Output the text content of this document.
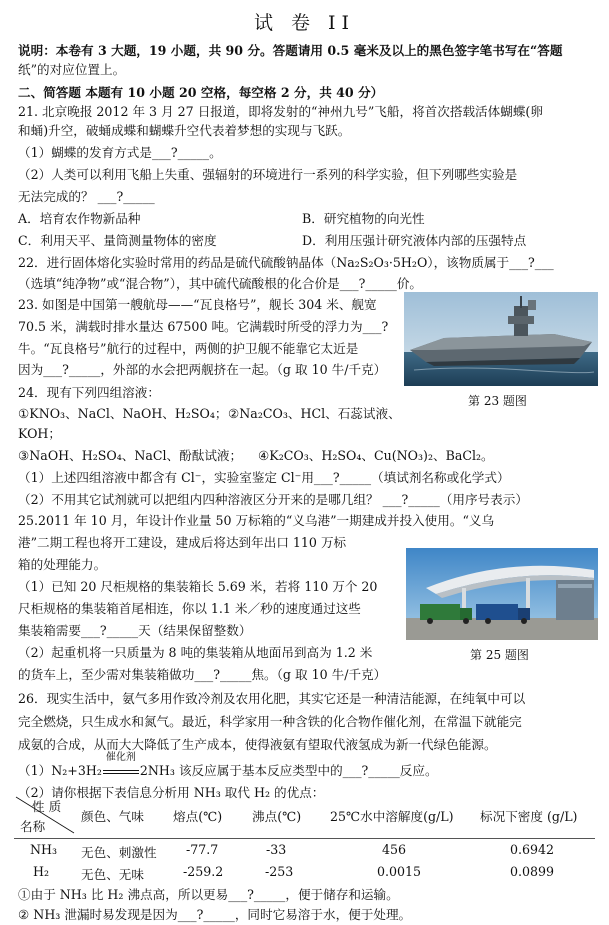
试 卷 II
说明：本卷有 3 大题，19 小题，共 90 分。答题请用 0.5 毫米及以上的黑色签字笔书写在“答题
纸”的对应位置上。
二、简答题 本题有 10 小题 20 空格，每空格 2 分，共 40 分）
21. 北京晚报 2012 年 3 月 27 日报道，即将发射的“神州九号”飞船，将首次搭载活体蝴蝶(卵
和蛹)升空，破蛹成蝶和蝴蝶升空代表着梦想的实现与飞跃。
（1）蝴蝶的发育方式是___?_____。
（2）人类可以利用飞船上失重、强辐射的环境进行一系列的科学实验，但下列哪些实验是
无法完成的？ ___?_____
A．培育农作物新品种	B．研究植物的向光性
C．利用天平、量筒测量物体的密度	D．利用压强计研究液体内部的压强特点
22．进行固体熔化实验时常用的药品是硫代硫酸钠晶体（Na₂S₂O₃·5H₂O），该物质属于___?___
（选填“纯净物”或“混合物”），其中硫代硫酸根的化合价是___?_____价。
23. 如图是中国第一艘航母——“瓦良格号”，舰长 304 米、舰宽
70.5 米，满载时排水量达 67500 吨。它满载时所受的浮力为___?
牛。“瓦良格号”航行的过程中，两侧的护卫舰不能靠它太近是
因为___?_____，外部的水会把两舰挤在一起。（g 取 10 牛/千克）
第 23 题图
24．现有下列四组溶液：
①KNO₃、NaCl、NaOH、H₂SO₄； ②Na₂CO₃、HCl、石蕊试液、
KOH；
③NaOH、H₂SO₄、NaCl、酚酞试液；	④K₂CO₃、H₂SO₄、Cu(NO₃)₂、BaCl₂。
（1）上述四组溶液中都含有 Cl⁻，实验室鉴定 Cl⁻用___?_____（填试剂名称或化学式）
（2）不用其它试剂就可以把组内四种溶液区分开来的是哪几组？ ___?_____（用序号表示）
25.2011 年 10 月，年设计作业量 50 万标箱的“义乌港”一期建成并投入使用。“义乌
港”二期工程也将开工建设，建成后将达到年出口 110 万标
箱的处理能力。
（1）已知 20 尺柜规格的集装箱长 5.69 米，若将 110 万个 20
尺柜规格的集装箱首尾相连，你以 1.1 米／秒的速度通过这些
集装箱需要___?_____天（结果保留整数）
（2）起重机将一只质量为 8 吨的集装箱从地面吊到高为 1.2 米
的货车上，至少需对集装箱做功___?_____焦。（g 取 10 牛/千克）
第 25 题图
26．现实生活中，氨气多用作致冷剂及农用化肥，其实它还是一种清洁能源，在纯氧中可以
完全燃烧，只生成水和氮气。最近，科学家用一种含铁的化合物作催化剂，在常温下就能完
成氨的合成，从而大大降低了生产成本，使得液氨有望取代液氢成为新一代绿色能源。
（1）N₂+3H₂
催化剂
2NH₃ 该反应属于基本反应类型中的___?_____反应。
（2）请你根据下表信息分析用 NH₃ 取代 H₂ 的优点：
性 质
名称
颜色、气味 熔点(℃) 沸点(℃) 25℃水中溶解度(g/L) 标况下密度 (g/L)
NH₃ 无色、刺激性 -77.7	-33	456	0.6942
H₂	无色、无味	-259.2	-253	0.0015	0.0899
①由于 NH₃ 比 H₂ 沸点高，所以更易___?_____，便于储存和运输。
② NH₃ 泄漏时易发现是因为___?_____，同时它易溶于水，便于处理。
